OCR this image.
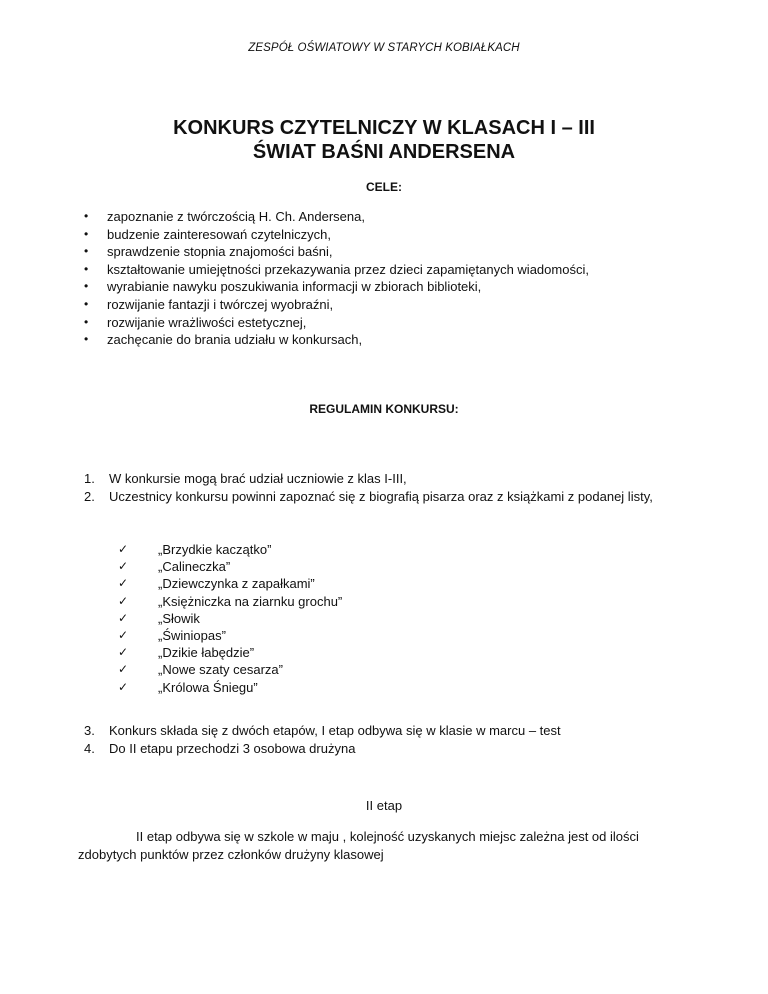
ZESPÓŁ OŚWIATOWY W STARYCH KOBIAŁKACH
KONKURS CZYTELNICZY W KLASACH I – III
ŚWIAT BAŚNI ANDERSENA
CELE:
• zapoznanie z twórczością H. Ch. Andersena,
• budzenie zainteresowań czytelniczych,
• sprawdzenie stopnia znajomości baśni,
• kształtowanie umiejętności przekazywania przez dzieci zapamiętanych wiadomości,
• wyrabianie nawyku poszukiwania informacji w zbiorach biblioteki,
• rozwijanie fantazji i twórczej wyobraźni,
• rozwijanie wrażliwości estetycznej,
• zachęcanie do brania udziału w konkursach,
REGULAMIN KONKURSU:
1. W konkursie mogą brać udział uczniowie z klas I-III,
2. Uczestnicy konkursu powinni zapoznać się z biografią pisarza oraz z książkami z podanej listy,
✓ „Brzydkie kaczątko”
✓ „Calineczka”
✓ „Dziewczynka z zapałkami”
✓ „Księżniczka na ziarnku grochu”
✓ „Słowik
✓ „Świniopas”
✓ „Dzikie łabędzie”
✓ „Nowe szaty cesarza”
✓ „Królowa Śniegu”
3. Konkurs składa się z dwóch etapów, I etap odbywa się w klasie w marcu – test
4. Do II etapu przechodzi 3 osobowa drużyna
II etap
II etap odbywa się w szkole w maju , kolejność uzyskanych miejsc zależna jest od ilości zdobytych punktów przez członków drużyny klasowej
